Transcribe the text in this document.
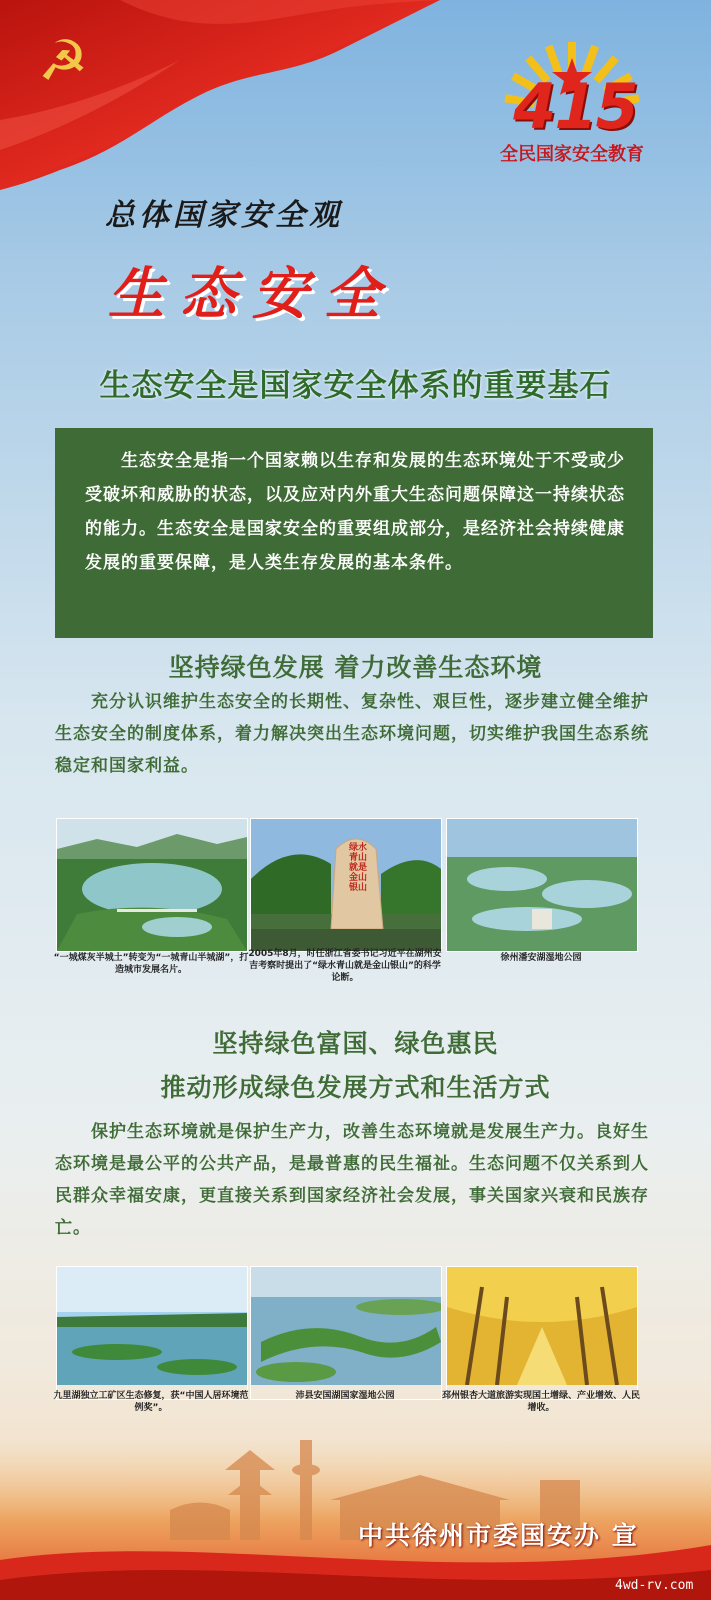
☭
415
全民国家安全教育
总体国家安全观
生态安全
生态安全是国家安全体系的重要基石
生态安全是指一个国家赖以生存和发展的生态环境处于不受或少受破坏和威胁的状态，以及应对内外重大生态问题保障这一持续状态的能力。生态安全是国家安全的重要组成部分，是经济社会持续健康发展的重要保障，是人类生存发展的基本条件。
坚持绿色发展 着力改善生态环境
充分认识维护生态安全的长期性、复杂性、艰巨性，逐步建立健全维护生态安全的制度体系，着力解决突出生态环境问题，切实维护我国生态系统稳定和国家利益。
绿水青山就是金山银山
“一城煤灰半城土”转变为“一城青山半城湖”，打造城市发展名片。
2005年8月，时任浙江省委书记习近平在湖州安吉考察时提出了“绿水青山就是金山银山”的科学论断。
徐州潘安湖湿地公园
坚持绿色富国、绿色惠民
推动形成绿色发展方式和生活方式
保护生态环境就是保护生产力，改善生态环境就是发展生产力。良好生态环境是最公平的公共产品，是最普惠的民生福祉。生态问题不仅关系到人民群众幸福安康，更直接关系到国家经济社会发展，事关国家兴衰和民族存亡。
九里湖独立工矿区生态修复，获“中国人居环境范例奖”。
沛县安国湖国家湿地公园	邳州银杏大道旅游实现国土增绿、产业增效、人民增收。
中共徐州市委国安办 宣
4wd-rv.com
